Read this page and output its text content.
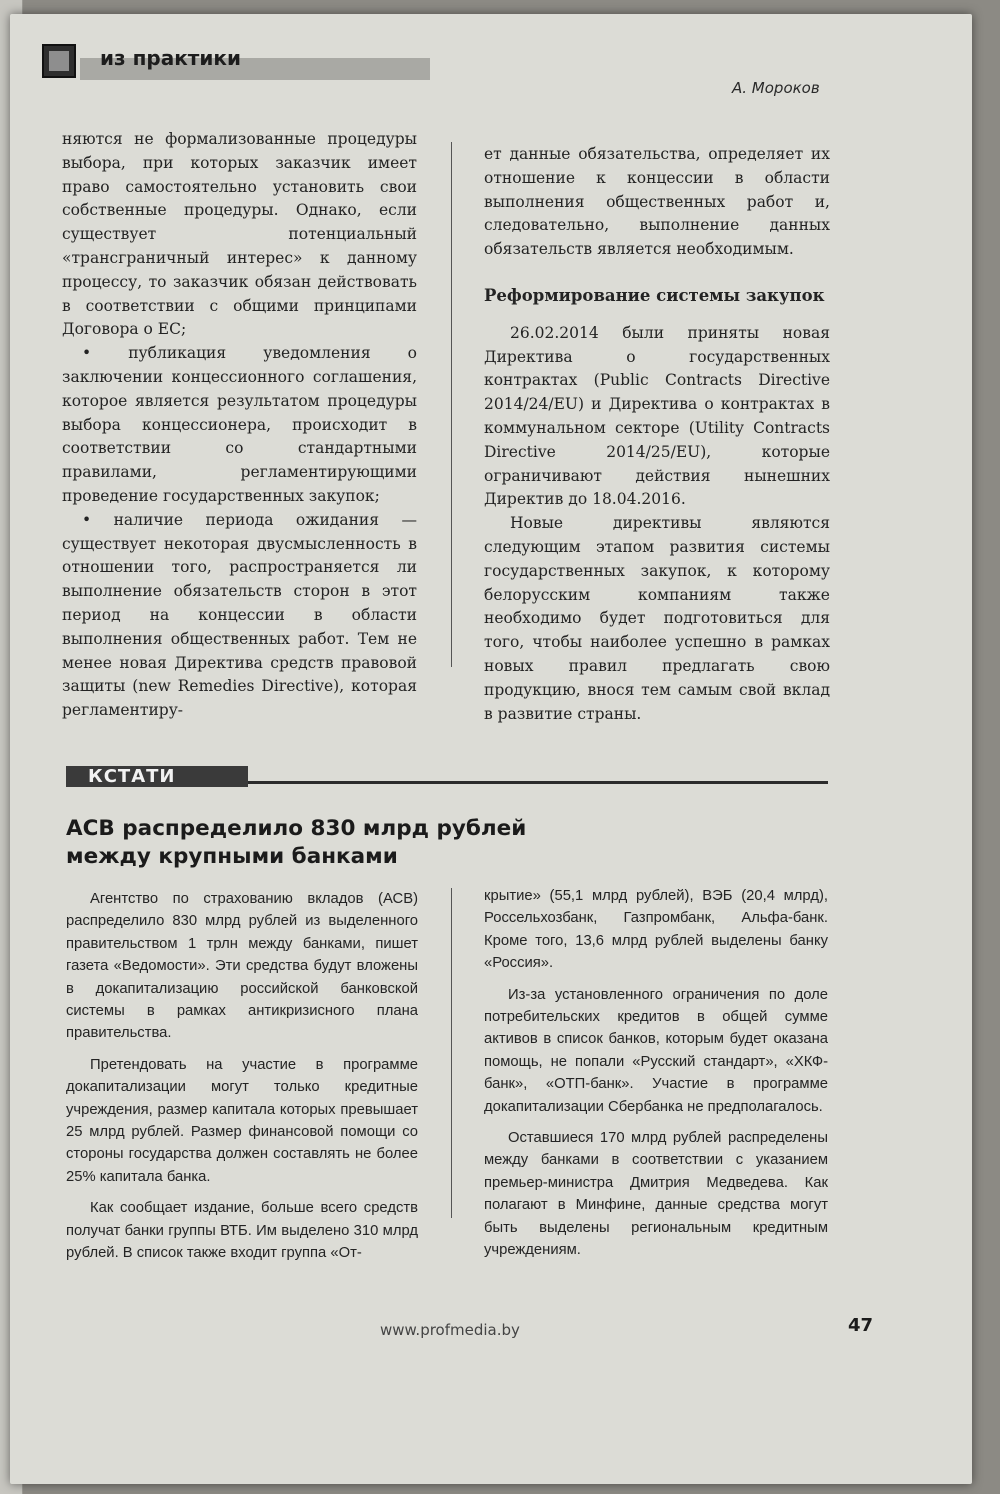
из практики
А. Мороков

няются не формализованные процедуры выбора, при которых заказчик имеет право самостоятельно установить свои собственные процедуры. Однако, если существует потенциальный «трансграничный интерес» к данному процессу, то заказчик обязан действовать в соответствии с общими принципами Договора о ЕС;

• публикация уведомления о заключении концессионного соглашения, которое является результатом процедуры выбора концессионера, происходит в соответствии со стандартными правилами, регламентирующими проведение государственных закупок;

• наличие периода ожидания — существует некоторая двусмысленность в отношении того, распространяется ли выполнение обязательств сторон в этот период на концессии в области выполнения общественных работ. Тем не менее новая Директива средств правовой защиты (new Remedies Directive), которая регламентиру-

ет данные обязательства, определяет их отношение к концессии в области выполнения общественных работ и, следовательно, выполнение данных обязательств является необходимым.

Реформирование системы закупок

26.02.2014 были приняты новая Директива о государственных контрактах (Public Contracts Directive 2014/24/EU) и Директива о контрактах в коммунальном секторе (Utility Contracts Directive 2014/25/EU), которые ограничивают действия нынешних Директив до 18.04.2016.

Новые директивы являются следующим этапом развития системы государственных закупок, к которому белорусским компаниям также необходимо будет подготовиться для того, чтобы наиболее успешно в рамках новых правил предлагать свою продукцию, внося тем самым свой вклад в развитие страны.

КСТАТИ
АСВ распределило 830 млрд рублей между крупными банками

Агентство по страхованию вкладов (АСВ) распределило 830 млрд рублей из выделенного правительством 1 трлн между банками, пишет газета «Ведомости». Эти средства будут вложены в докапитализацию российской банковской системы в рамках антикризисного плана правительства.

Претендовать на участие в программе докапитализации могут только кредитные учреждения, размер капитала которых превышает 25 млрд рублей. Размер финансовой помощи со стороны государства должен составлять не более 25% капитала банка.

Как сообщает издание, больше всего средств получат банки группы ВТБ. Им выделено 310 млрд рублей. В список также входит группа «От-

крытие» (55,1 млрд рублей), ВЭБ (20,4 млрд), Россельхозбанк, Газпромбанк, Альфа-банк. Кроме того, 13,6 млрд рублей выделены банку «Россия».

Из-за установленного ограничения по доле потребительских кредитов в общей сумме активов в список банков, которым будет оказана помощь, не попали «Русский стандарт», «ХКФ-банк», «ОТП-банк». Участие в программе докапитализации Сбербанка не предполагалось.

Оставшиеся 170 млрд рублей распределены между банками в соответствии с указанием премьер-министра Дмитрия Медведева. Как полагают в Минфине, данные средства могут быть выделены региональным кредитным учреждениям.

www.profmedia.by	47
